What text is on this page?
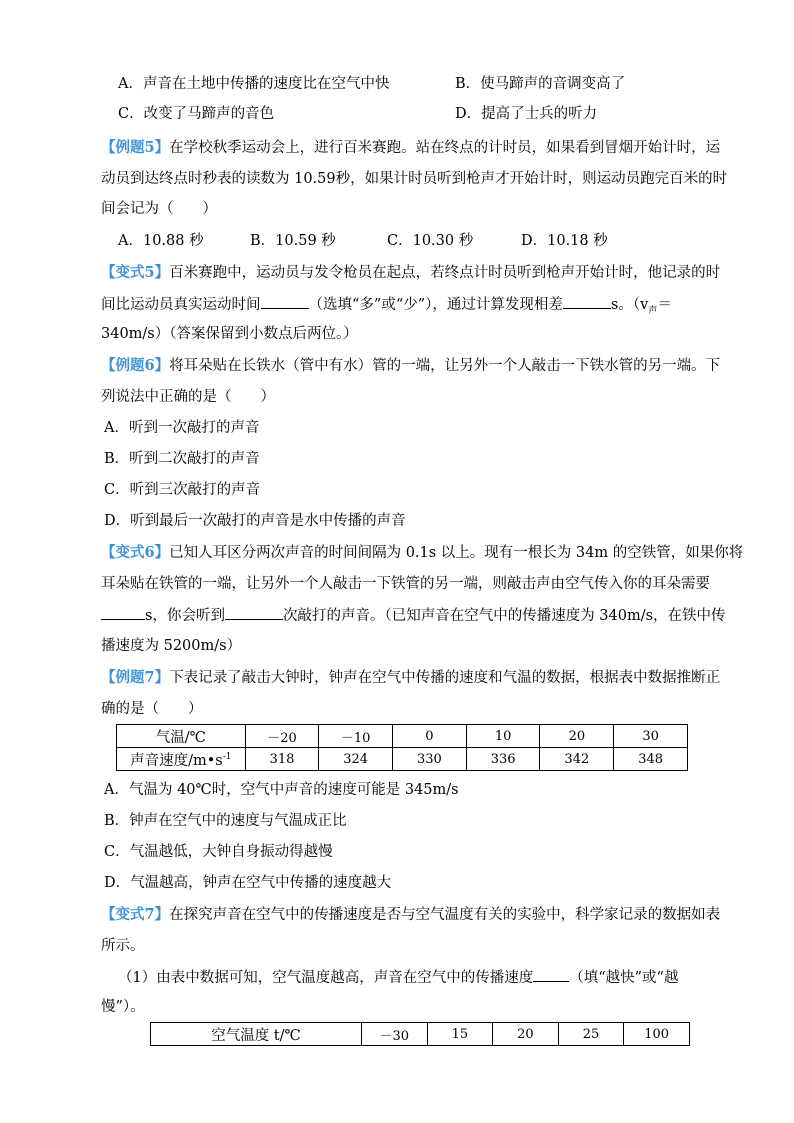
A．声音在土地中传播的速度比在空气中快	B．使马蹄声的音调变高了
C．改变了马蹄声的音色	D．提高了士兵的听力
【例题5】在学校秋季运动会上，进行百米赛跑。站在终点的计时员，如果看到冒烟开始计时，运
动员到达终点时秒表的读数为 10.59秒，如果计时员听到枪声才开始计时，则运动员跑完百米的时
间会记为（　　）
A．10.88 秒	B．10.59 秒	C．10.30 秒	D．10.18 秒
【变式5】百米赛跑中，运动员与发令枪员在起点，若终点计时员听到枪声开始计时，他记录的时
间比运动员真实运动时间	（选填“多”或“少”），通过计算发现相差	s。（$v_声=$
340m/s）（答案保留到小数点后两位。）
【例题6】将耳朵贴在长铁水（管中有水）管的一端，让另外一个人敲击一下铁水管的另一端。下
列说法中正确的是（　　）
A．听到一次敲打的声音
B．听到二次敲打的声音
C．听到三次敲打的声音
D．听到最后一次敲打的声音是水中传播的声音
【变式6】已知人耳区分两次声音的时间间隔为 0.1s 以上。现有一根长为 34m 的空铁管，如果你将
耳朵贴在铁管的一端，让另外一个人敲击一下铁管的另一端，则敲击声由空气传入你的耳朵需要
s，你会听到	次敲打的声音。（已知声音在空气中的传播速度为 340m/s，在铁中传
播速度为 5200m/s）
【例题7】下表记录了敲击大钟时，钟声在空气中传播的速度和气温的数据，根据表中数据推断正
确的是（　　）
气温/℃	－20	－10	0	10	20	30
声音速度$/m•s^{-1}$	318	324	330	336	342	348
A．气温为 40℃时，空气中声音的速度可能是 345m/s
B．钟声在空气中的速度与气温成正比
C．气温越低，大钟自身振动得越慢
D．气温越高，钟声在空气中传播的速度越大
【变式7】在探究声音在空气中的传播速度是否与空气温度有关的实验中，科学家记录的数据如表
所示。
（1）由表中数据可知，空气温度越高，声音在空气中的传播速度 （填“越快”或“越
慢”）。
空气温度 t/℃	－30	15	20	25	100
